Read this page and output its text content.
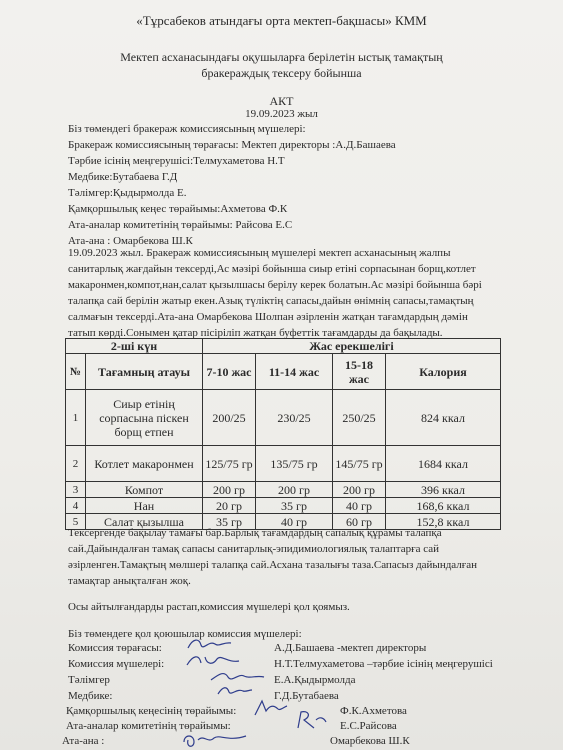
«Тұрсабеков атындағы орта мектеп-бақшасы» КММ
Мектеп асханасындағы оқушыларға берілетін ыстық тамақтың
бракераждық тексеру бойынша
АКТ
19.09.2023 жыл
Біз төмендегі бракераж комиссиясының мүшелері:
Бракераж комиссиясының төрағасы: Мектеп директоры :А.Д.Башаева
Тәрбие ісінің меңгерушісі:Телмухаметова Н.Т
Медбике:Бутабаева Г.Д
Тәлімгер:Қыдырмолда Е.
Қамқоршылық кеңес төрайымы:Ахметова Ф.К
Ата-аналар комитетінің төрайымы: Райсова Е.С
Ата-ана : Омарбекова Ш.К
19.09.2023 жыл. Бракераж комиссиясының мүшелері мектеп асханасының жалпы
санитарлық жағдайын тексерді,Ас мәзірі бойынша сиыр етіні сорпасынан борщ,котлет
макаронмен,компот,нан,салат қызылшасы берілу керек болатын.Ас мәзірі бойынша бәрі
талапқа сай берілін жатыр екен.Азық түліктің сапасы,дайын өнімнің сапасы,тамақтың
салмағын тексерді.Ата-ана Омарбекова Шолпан әзірленін жатқан тағамдардың дәмін
татып көрді.Сонымен қатар пісіріліп жатқан буфеттік тағамдарды да бақылады.
2-ші күн		Жас ерекшелігі			
№	Тағамның атауы	7-10 жас	11-14 жас	15-18 жас	Калория
1	Сиыр етінің сорпасына піскен борщ етпен	200/25	230/25	250/25	824 ккал
2	Котлет макаронмен	125/75 гр	135/75 гр	145/75 гр	1684 ккал
3	Компот	200 гр	200 гр	200 гр	396 ккал
4	Нан	20 гр	35 гр	40 гр	168,6 ккал
5	Салат қызылша	35 гр	40 гр	60 гр	152,8 ккал
Тексергенде бақылау тамағы бар.Барлық тағамдардың сапалық құрамы талапқа
сай.Дайындалған тамақ сапасы санитарлық-эпидимиологиялық талаптарға сай
әзірленген.Тамақтың мөлшері талапқа сай.Асхана тазалығы таза.Сапасыз дайындалған
тамақтар анықталған жоқ.
Осы айтылғандарды растап,комиссия мүшелері қол қоямыз.
Біз төмендеге қол қоюшылар комиссия мүшелері:
Комиссия төрағасы:	А.Д.Башаева -мектеп директоры
Комиссия мүшелері:	Н.Т.Телмухаметова –тәрбие ісінің меңгерушісі
Тәлімгер	Е.А.Қыдырмолда
Медбике:	Г.Д.Бутабаева
Қамқоршылық кеңесінің төрайымы:	Ф.К.Ахметова
Ата-аналар комитетінің төрайымы:	Е.С.Райсова
Ата-ана :	Омарбекова Ш.К
